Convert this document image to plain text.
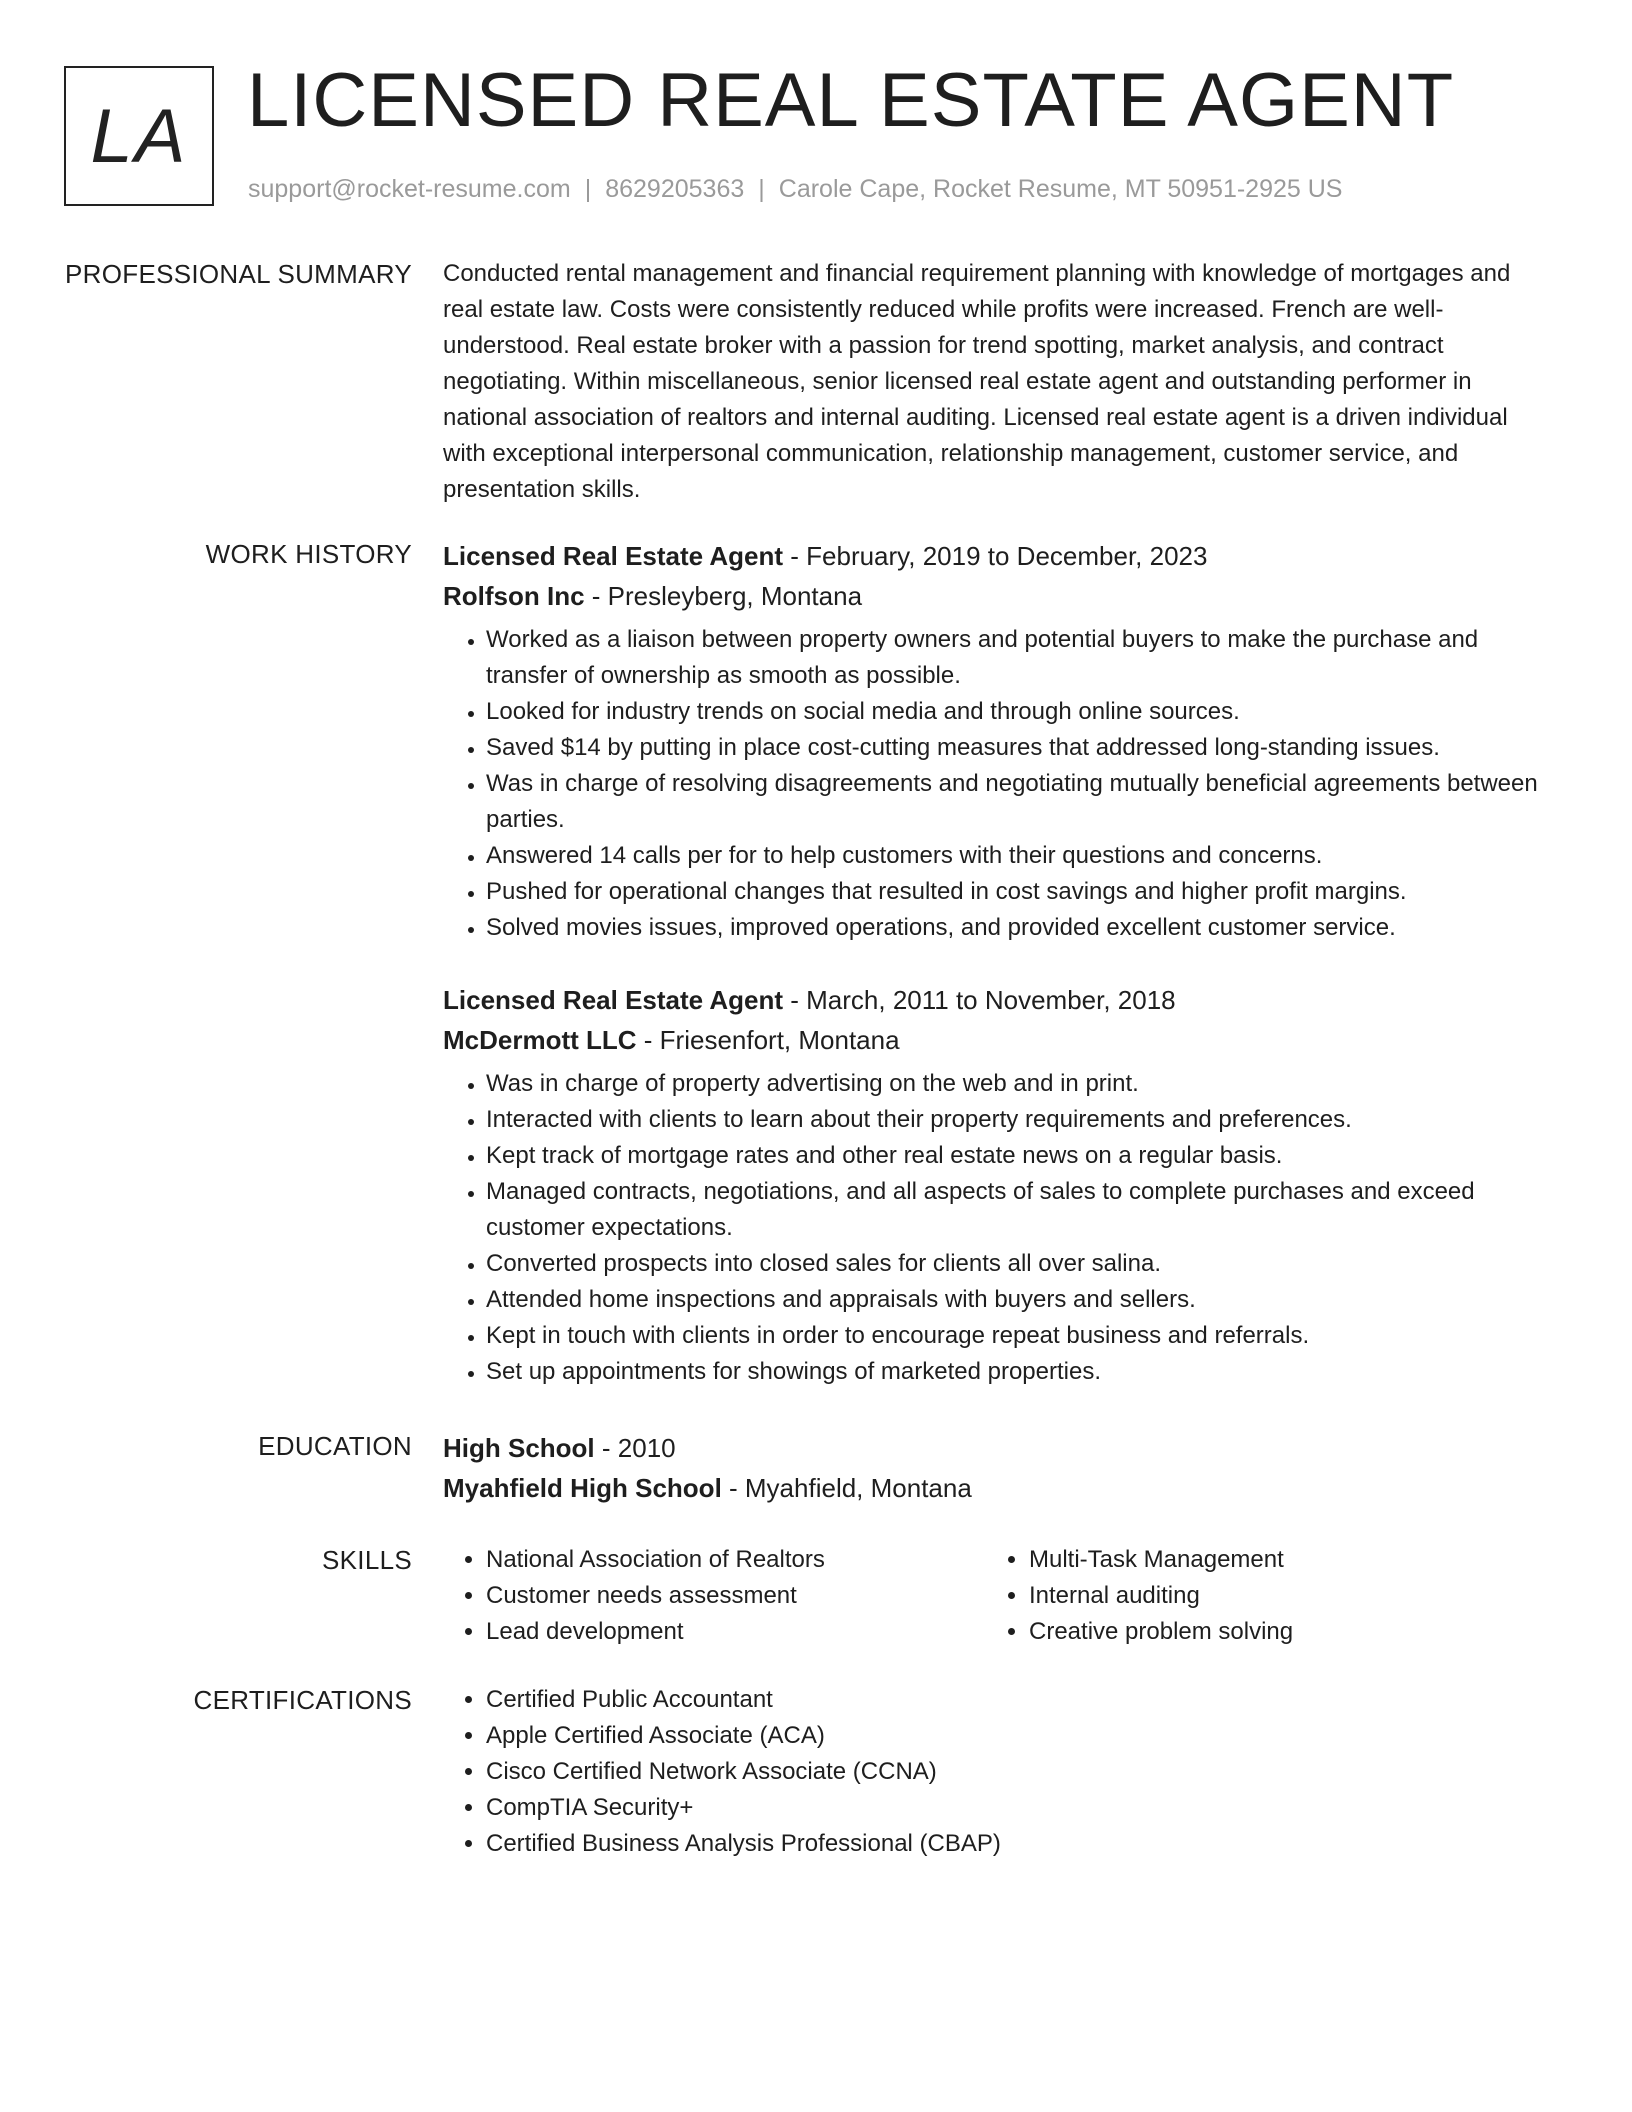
LA LICENSED REAL ESTATE AGENT
support@rocket-resume.com | 8629205363 | Carole Cape, Rocket Resume, MT 50951-2925 US
PROFESSIONAL SUMMARY Conducted rental management and financial requirement planning with knowledge of mortgages and real estate law. Costs were consistently reduced while profits were increased. French are well-understood. Real estate broker with a passion for trend spotting, market analysis, and contract negotiating. Within miscellaneous, senior licensed real estate agent and outstanding performer in national association of realtors and internal auditing. Licensed real estate agent is a driven individual with exceptional interpersonal communication, relationship management, customer service, and presentation skills.

WORK HISTORY Licensed Real Estate Agent - February, 2019 to December, 2023
Rolfson Inc - Presleyberg, Montana
• Worked as a liaison between property owners and potential buyers to make the purchase and transfer of ownership as smooth as possible.
• Looked for industry trends on social media and through online sources.
• Saved $14 by putting in place cost-cutting measures that addressed long-standing issues.
• Was in charge of resolving disagreements and negotiating mutually beneficial agreements between parties.
• Answered 14 calls per for to help customers with their questions and concerns.
• Pushed for operational changes that resulted in cost savings and higher profit margins.
• Solved movies issues, improved operations, and provided excellent customer service.
Licensed Real Estate Agent - March, 2011 to November, 2018
McDermott LLC - Friesenfort, Montana
• Was in charge of property advertising on the web and in print.
• Interacted with clients to learn about their property requirements and preferences.
• Kept track of mortgage rates and other real estate news on a regular basis.
• Managed contracts, negotiations, and all aspects of sales to complete purchases and exceed customer expectations.
• Converted prospects into closed sales for clients all over salina.
• Attended home inspections and appraisals with buyers and sellers.
• Kept in touch with clients in order to encourage repeat business and referrals.
• Set up appointments for showings of marketed properties.
EDUCATION High School - 2010
Myahfield High School - Myahfield, Montana
SKILLS	• National Association of Realtors
• Customer needs assessment
• Lead development
• Multi-Task Management
• Internal auditing
• Creative problem solving
CERTIFICATIONS	• Certified Public Accountant
• Apple Certified Associate (ACA)
• Cisco Certified Network Associate (CCNA)
• CompTIA Security+
• Certified Business Analysis Professional (CBAP)
